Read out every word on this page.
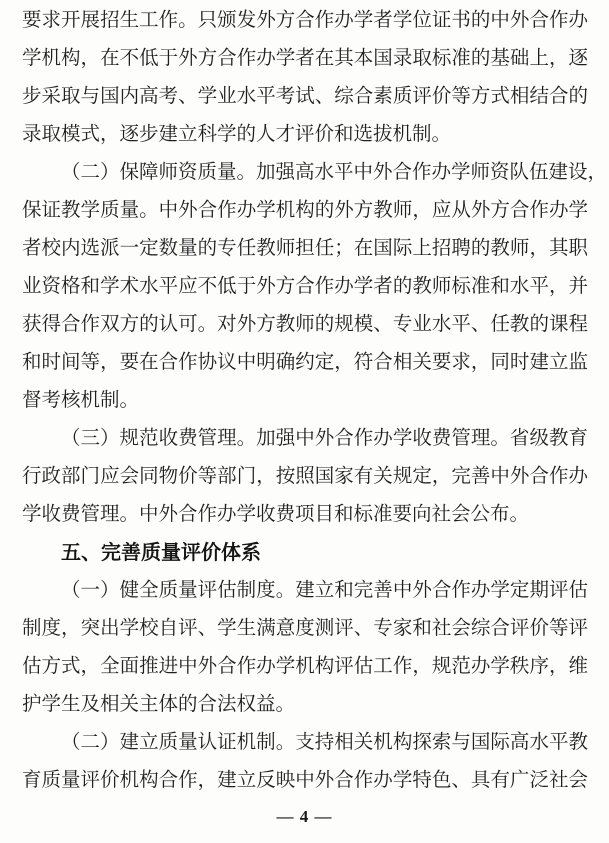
要求开展招生工作。只颁发外方合作办学者学位证书的中外合作办
学机构，在不低于外方合作办学者在其本国录取标准的基础上，逐
步采取与国内高考、学业水平考试、综合素质评价等方式相结合的
录取模式，逐步建立科学的人才评价和选拔机制。
（二）保障师资质量。加强高水平中外合作办学师资队伍建设，
保证教学质量。中外合作办学机构的外方教师，应从外方合作办学
者校内选派一定数量的专任教师担任；在国际上招聘的教师，其职
业资格和学术水平应不低于外方合作办学者的教师标准和水平，并
获得合作双方的认可。对外方教师的规模、专业水平、任教的课程
和时间等，要在合作协议中明确约定，符合相关要求，同时建立监
督考核机制。
（三）规范收费管理。加强中外合作办学收费管理。省级教育
行政部门应会同物价等部门，按照国家有关规定，完善中外合作办
学收费管理。中外合作办学收费项目和标准要向社会公布。
五、完善质量评价体系
（一）健全质量评估制度。建立和完善中外合作办学定期评估
制度，突出学校自评、学生满意度测评、专家和社会综合评价等评
估方式，全面推进中外合作办学机构评估工作，规范办学秩序，维
护学生及相关主体的合法权益。
（二）建立质量认证机制。支持相关机构探索与国际高水平教
育质量评价机构合作，建立反映中外合作办学特色、具有广泛社会
— 4 —
